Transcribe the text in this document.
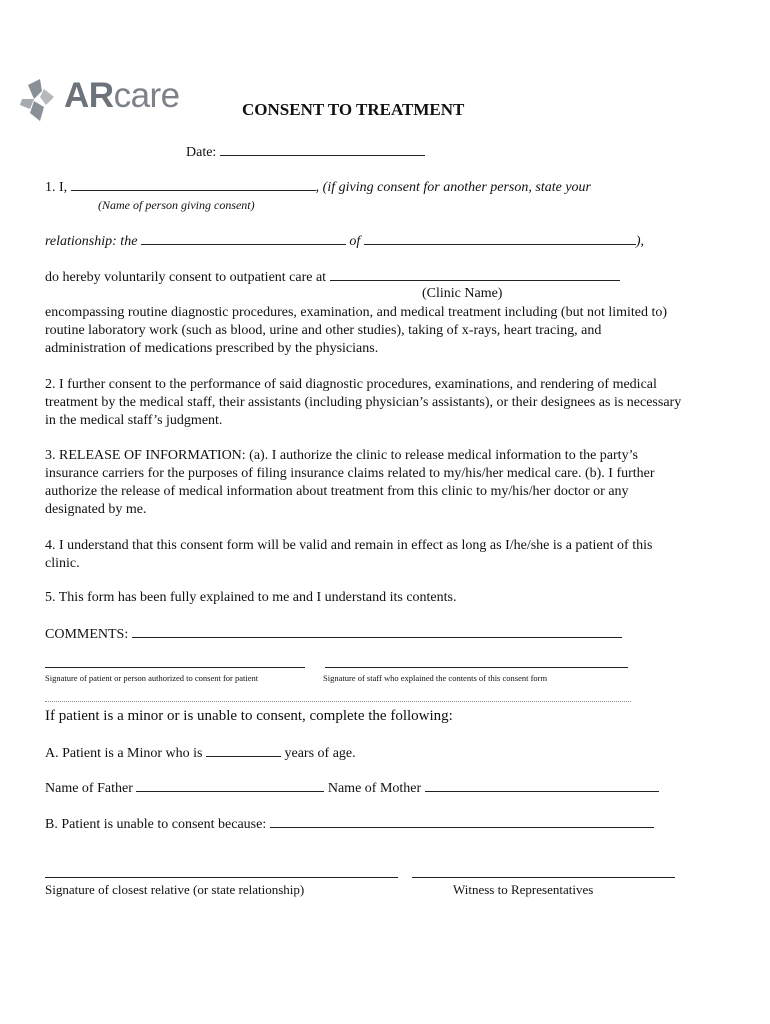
ARcare	CONSENT TO TREATMENT
Date:
1. I,	, (if giving consent for another person, state your
(Name of person giving consent)
relationship: the	of	),
do hereby voluntarily consent to outpatient care at
(Clinic Name)
encompassing routine diagnostic procedures, examination, and medical treatment including (but not limited to) routine laboratory work (such as blood, urine and other studies), taking of x-rays, heart tracing, and administration of medications prescribed by the physicians.
2. I further consent to the performance of said diagnostic procedures, examinations, and rendering of medical treatment by the medical staff, their assistants (including physician’s assistants), or their designees as is necessary in the medical staff’s judgment.
3. RELEASE OF INFORMATION: (a). I authorize the clinic to release medical information to the party’s insurance carriers for the purposes of filing insurance claims related to my/his/her medical care. (b). I further authorize the release of medical information about treatment from this clinic to my/his/her doctor or any designated by me.
4. I understand that this consent form will be valid and remain in effect as long as I/he/she is a patient of this clinic.
5. This form has been fully explained to me and I understand its contents.
COMMENTS:
Signature of patient or person authorized to consent for patient	Signature of staff who explained the contents of this consent form
If patient is a minor or is unable to consent, complete the following:
A. Patient is a Minor who is	years of age.
Name of Father	Name of Mother
B. Patient is unable to consent because:
Signature of closest relative (or state relationship)	Witness to Representatives
